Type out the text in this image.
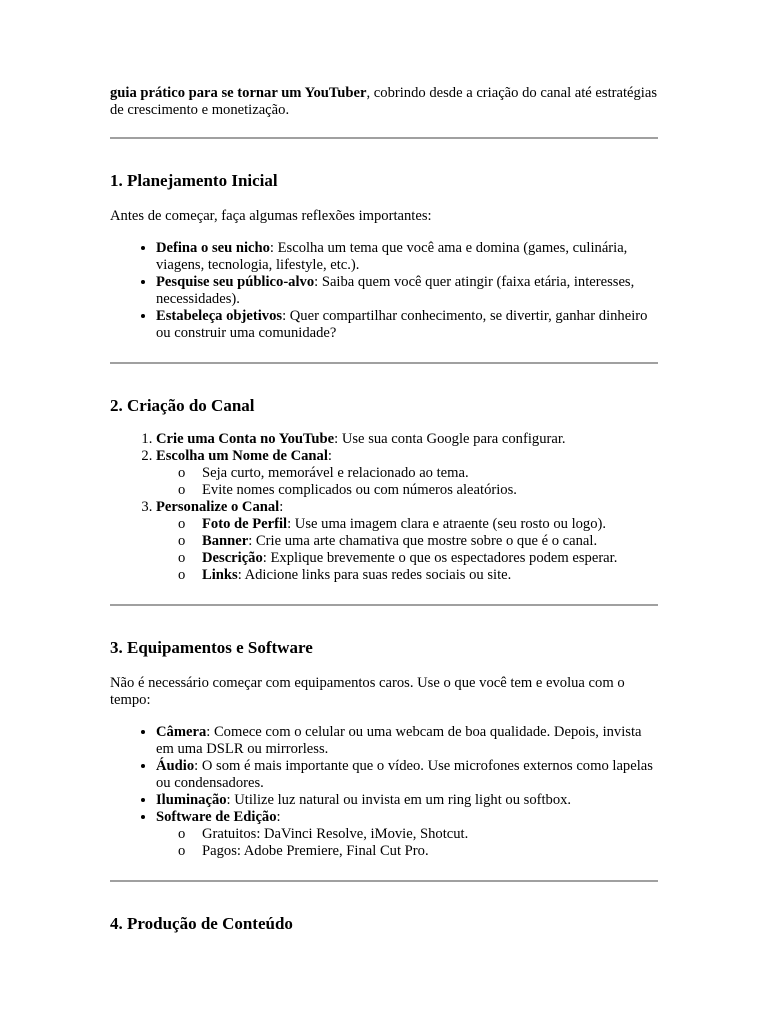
guia prático para se tornar um YouTuber, cobrindo desde a criação do canal até estratégias de crescimento e monetização.

1. Planejamento Inicial

Antes de começar, faça algumas reflexões importantes:

• Defina o seu nicho: Escolha um tema que você ama e domina (games, culinária, viagens, tecnologia, lifestyle, etc.).
• Pesquise seu público-alvo: Saiba quem você quer atingir (faixa etária, interesses, necessidades).
• Estabeleça objetivos: Quer compartilhar conhecimento, se divertir, ganhar dinheiro ou construir uma comunidade?
2. Criação do Canal
1. Crie uma Conta no YouTube: Use sua conta Google para configurar.
2. Escolha um Nome de Canal:
o Seja curto, memorável e relacionado ao tema.
o Evite nomes complicados ou com números aleatórios.
3. Personalize o Canal:
o Foto de Perfil: Use uma imagem clara e atraente (seu rosto ou logo).
o Banner: Crie uma arte chamativa que mostre sobre o que é o canal.
o Descrição: Explique brevemente o que os espectadores podem esperar.
o Links: Adicione links para suas redes sociais ou site.
3. Equipamentos e Software

Não é necessário começar com equipamentos caros. Use o que você tem e evolua com o tempo:

• Câmera: Comece com o celular ou uma webcam de boa qualidade. Depois, invista em uma DSLR ou mirrorless.
• Áudio: O som é mais importante que o vídeo. Use microfones externos como lapelas ou condensadores.
• Iluminação: Utilize luz natural ou invista em um ring light ou softbox.
• Software de Edição:
o Gratuitos: DaVinci Resolve, iMovie, Shotcut.
o Pagos: Adobe Premiere, Final Cut Pro.
4. Produção de Conteúdo
